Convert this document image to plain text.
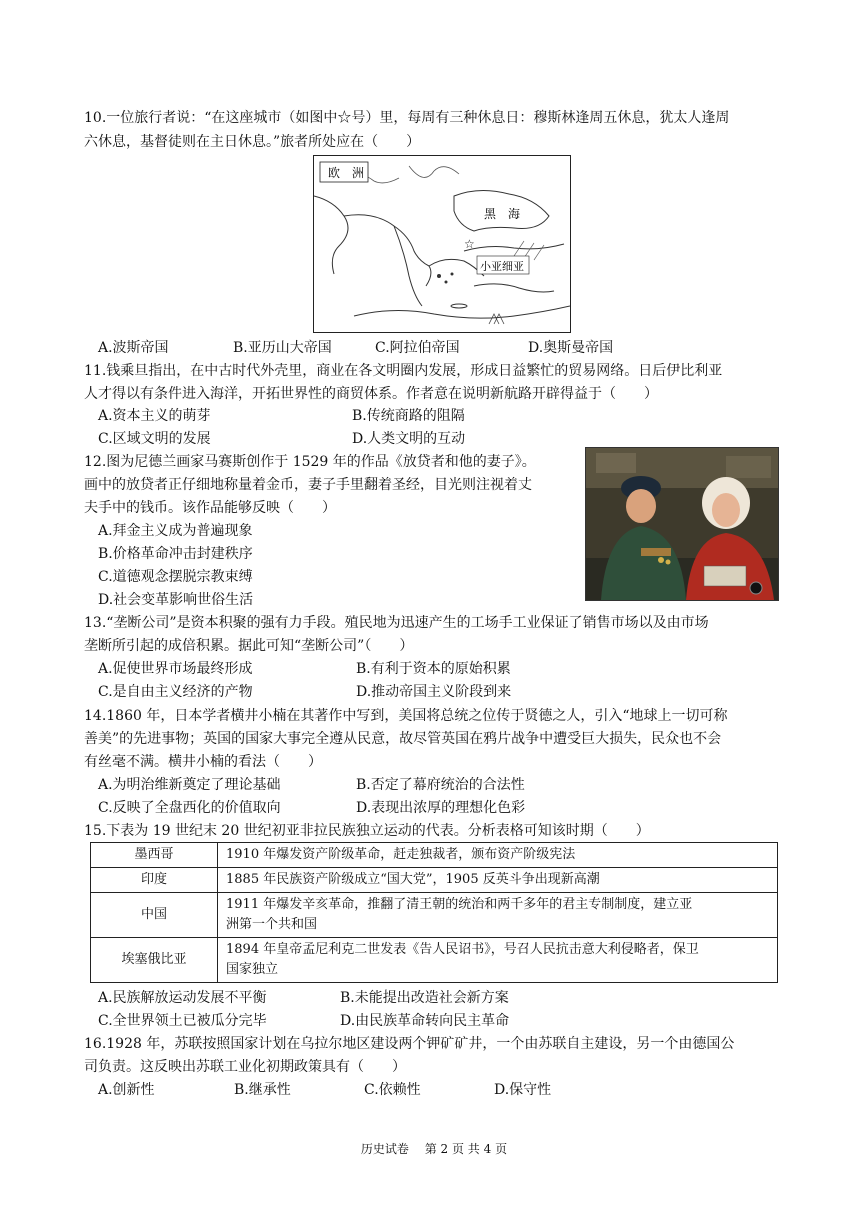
10.一位旅行者说：“在这座城市（如图中☆号）里，每周有三种休息日：穆斯林逢周五休息，犹太人逢周
六休息，基督徒则在主日休息。”旅者所处应在（　　）
☆
欧　洲
黑　海
小亚细亚
A.波斯帝国	B.亚历山大帝国	C.阿拉伯帝国	D.奥斯曼帝国
11.钱乘旦指出，在中古时代外壳里，商业在各文明圈内发展，形成日益繁忙的贸易网络。日后伊比利亚
人才得以有条件进入海洋，开拓世界性的商贸体系。作者意在说明新航路开辟得益于（　　）
A.资本主义的萌芽	B.传统商路的阻隔
C.区域文明的发展	D.人类文明的互动
12.图为尼德兰画家马赛斯创作于 1529 年的作品《放贷者和他的妻子》。
画中的放贷者正仔细地称量着金币，妻子手里翻着圣经，目光则注视着丈
夫手中的钱币。该作品能够反映（　　）
A.拜金主义成为普遍现象
B.价格革命冲击封建秩序
C.道德观念摆脱宗教束缚
D.社会变革影响世俗生活
13.“垄断公司”是资本积聚的强有力手段。殖民地为迅速产生的工场手工业保证了销售市场以及由市场
垄断所引起的成倍积累。据此可知“垄断公司”（　　）
A.促使世界市场最终形成	B.有利于资本的原始积累
C.是自由主义经济的产物	D.推动帝国主义阶段到来
14.1860 年，日本学者横井小楠在其著作中写到，美国将总统之位传于贤德之人，引入“地球上一切可称
善美”的先进事物；英国的国家大事完全遵从民意，故尽管英国在鸦片战争中遭受巨大损失，民众也不会
有丝毫不满。横井小楠的看法（　　）
A.为明治维新奠定了理论基础	B.否定了幕府统治的合法性
C.反映了全盘西化的价值取向	D.表现出浓厚的理想化色彩
15.下表为 19 世纪末 20 世纪初亚非拉民族独立运动的代表。分析表格可知该时期（　　）
墨西哥	1910 年爆发资产阶级革命，赶走独裁者，颁布资产阶级宪法
印度	1885 年民族资产阶级成立“国大党”，1905 反英斗争出现新高潮
中国	1911 年爆发辛亥革命，推翻了清王朝的统治和两千多年的君主专制制度，建立亚
洲第一个共和国

埃塞俄比亚	1894 年皇帝孟尼利克二世发表《告人民诏书》，号召人民抗击意大利侵略者，保卫
国家独立
A.民族解放运动发展不平衡	B.未能提出改造社会新方案
C.全世界领土已被瓜分完毕	D.由民族革命转向民主革命
16.1928 年，苏联按照国家计划在乌拉尔地区建设两个钾矿矿井，一个由苏联自主建设，另一个由德国公
司负责。这反映出苏联工业化初期政策具有（　　）
A.创新性	B.继承性	C.依赖性	D.保守性
历史试卷　 第 2 页 共 4 页
